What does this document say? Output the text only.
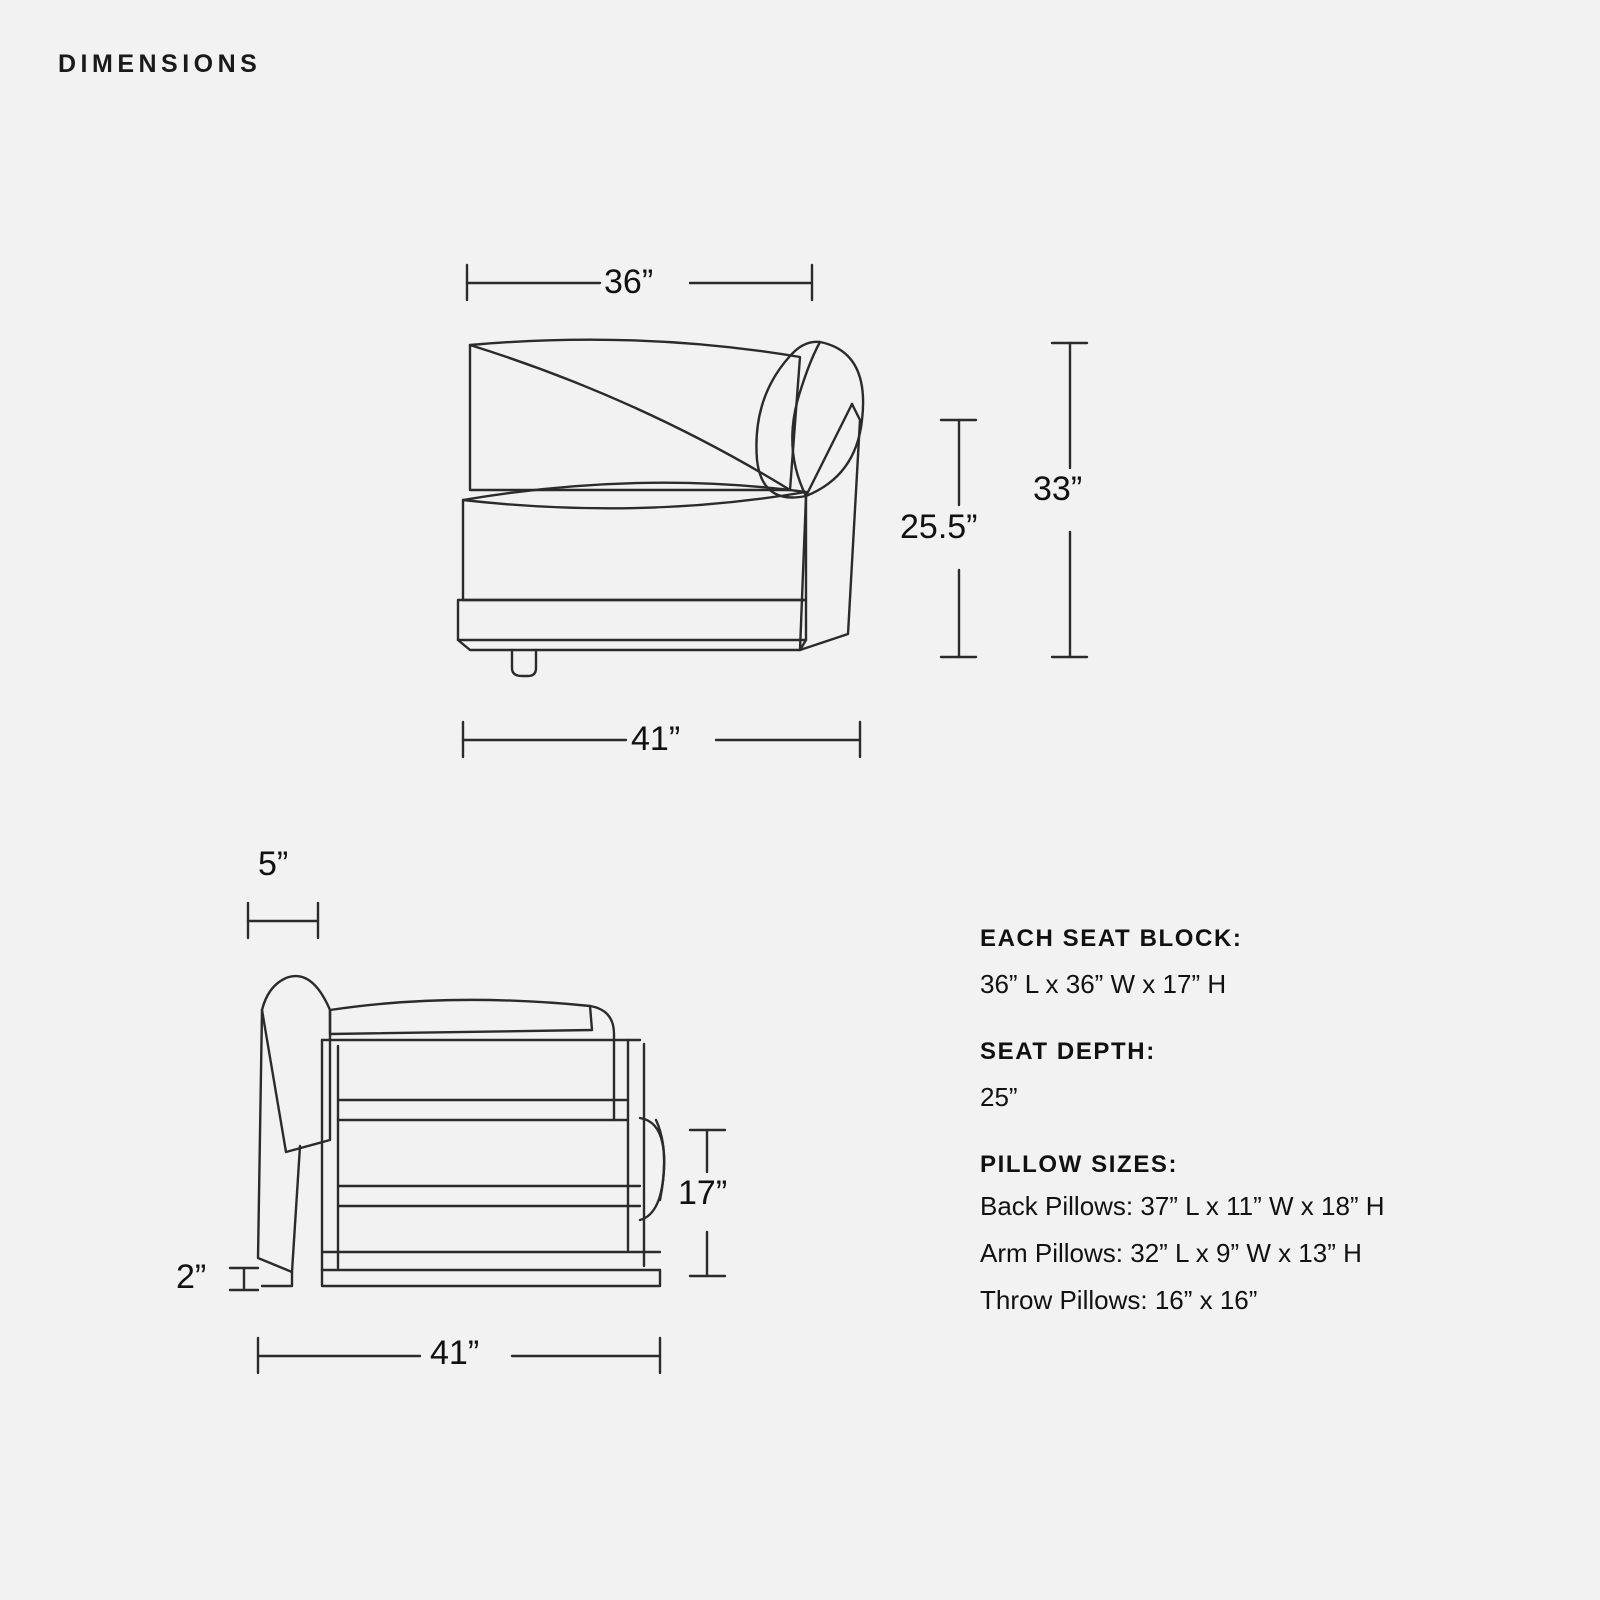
DIMENSIONS
36”
25.5”
33”
41”
5”
17”
2”
41”

EACH SEAT BLOCK:

36” L x 36” W x 17” H

SEAT DEPTH:

25”

PILLOW SIZES:

Back Pillows: 37” L x 11” W x 18” H

Arm Pillows: 32” L x 9” W x 13” H

Throw Pillows: 16” x 16”
